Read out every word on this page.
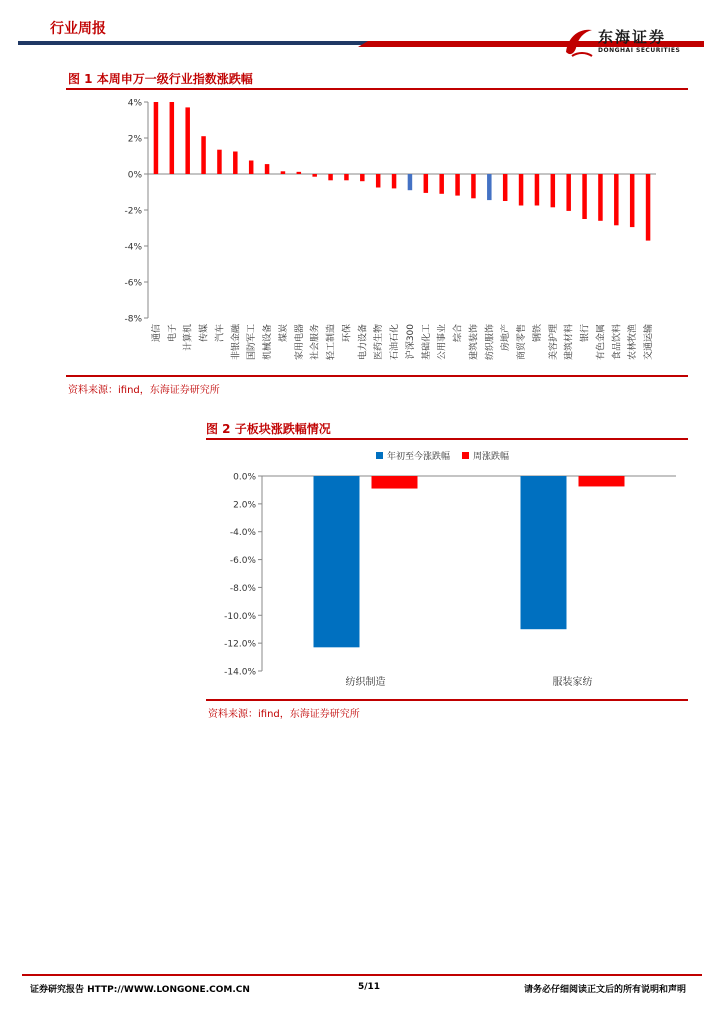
行业周报	东海证券
DONGHAI SECURITIES
图 1 本周申万一级行业指数涨跌幅
4%
2%
0%
-2%
-4%
-6%
-8%
通信 电子 计算机 传媒 汽车 非银金融 国防军工 机械设备 煤炭 家用电器 社会服务 轻工制造 环保 电力设备 医药生物 石油石化 沪深300 基础化工 公用事业 综合 建筑装饰 纺织服饰 房地产 商贸零售 钢铁 美容护理 建筑材料 银行 有色金属 食品饮料 农林牧渔 交通运输
资料来源：ifind，东海证券研究所
图 2 子板块涨跌幅情况
年初至今涨跌幅	周涨跌幅
0.0%
2.0%
-4.0%
-6.0%
-8.0%
-10.0%
-12.0%
-14.0%
纺织制造	服装家纺
资料来源：ifind，东海证券研究所
证券研究报告 HTTP://WWW.LONGONE.COM.CN	5/11	请务必仔细阅读正文后的所有说明和声明
